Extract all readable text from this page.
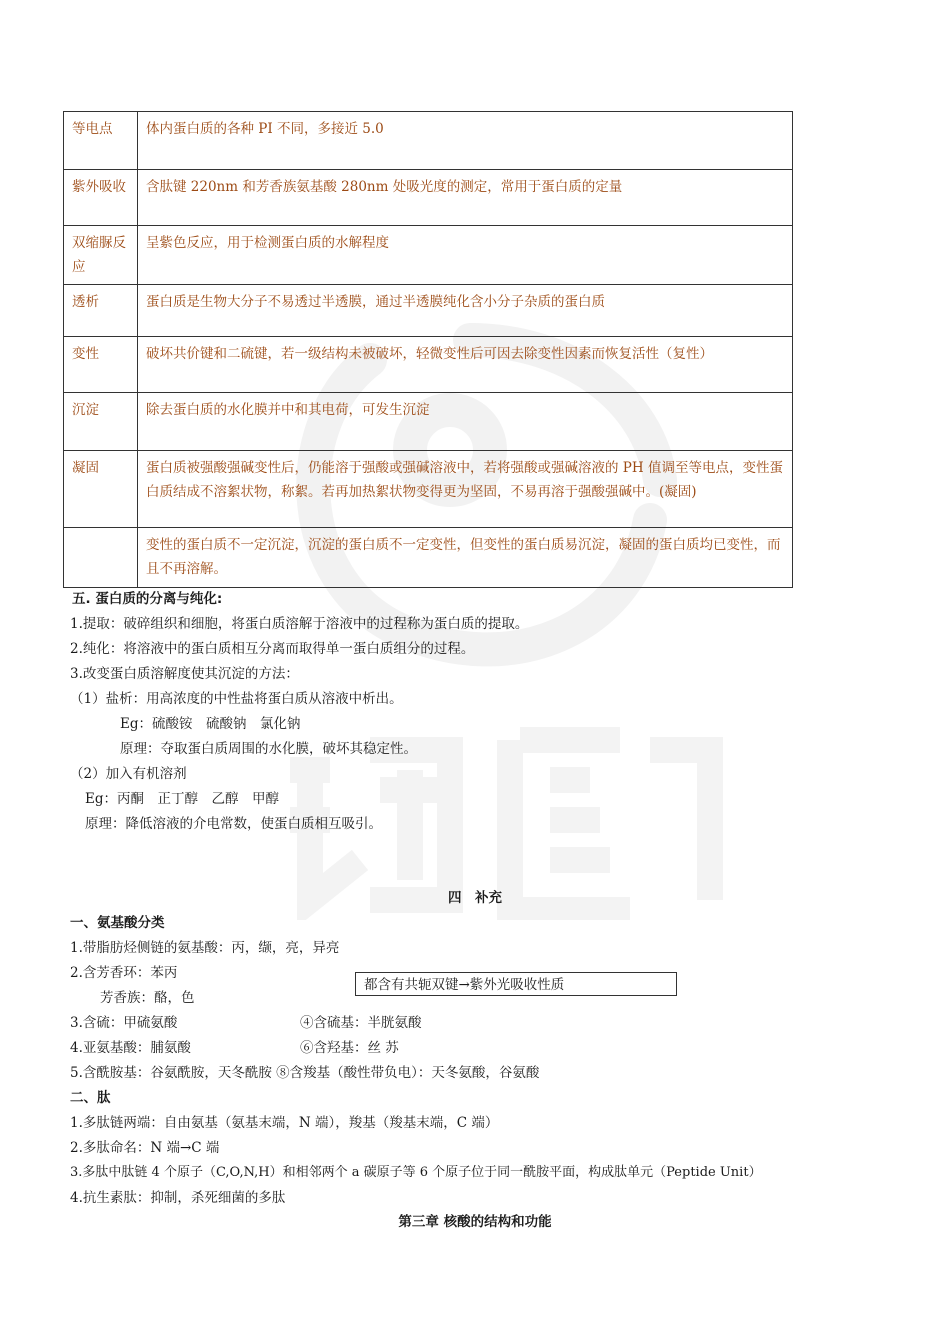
等电点	体内蛋白质的各种 PI 不同，多接近 5.0
紫外吸收	含肽键 220nm 和芳香族氨基酸 280nm 处吸光度的测定，常用于蛋白质的定量
双缩脲反应	呈紫色反应，用于检测蛋白质的水解程度
透析	蛋白质是生物大分子不易透过半透膜，通过半透膜纯化含小分子杂质的蛋白质
变性	破坏共价键和二硫键，若一级结构未被破坏，轻微变性后可因去除变性因素而恢复活性（复性）
沉淀	除去蛋白质的水化膜并中和其电荷，可发生沉淀
凝固	蛋白质被强酸强碱变性后，仍能溶于强酸或强碱溶液中，若将强酸或强碱溶液的 PH 值调至等电点，变性蛋白质结成不溶絮状物，称絮。若再加热絮状物变得更为坚固，不易再溶于强酸强碱中。(凝固)
	变性的蛋白质不一定沉淀，沉淀的蛋白质不一定变性，但变性的蛋白质易沉淀，凝固的蛋白质均已变性，而且不再溶解。
五. 蛋白质的分离与纯化:
1.提取：破碎组织和细胞，将蛋白质溶解于溶液中的过程称为蛋白质的提取。
2.纯化：将溶液中的蛋白质相互分离而取得单一蛋白质组分的过程。
3.改变蛋白质溶解度使其沉淀的方法：
（1）盐析：用高浓度的中性盐将蛋白质从溶液中析出。
Eg：硫酸铵　硫酸钠　氯化钠
原理：夺取蛋白质周围的水化膜，破坏其稳定性。
（2）加入有机溶剂
Eg：丙酮　正丁醇　乙醇　甲醇
原理：降低溶液的介电常数，使蛋白质相互吸引。
四　补充
一、氨基酸分类
1.带脂肪烃侧链的氨基酸：丙，缬，亮，异亮
2.含芳香环：苯丙
芳香族：酪，色
都含有共轭双键→紫外光吸收性质
3.含硫：甲硫氨酸	④含硫基：半胱氨酸
4.亚氨基酸：脯氨酸	⑥含羟基：丝 苏
5.含酰胺基：谷氨酰胺，天冬酰胺 ⑧含羧基（酸性带负电）：天冬氨酸，谷氨酸
二、肽
1.多肽链两端：自由氨基（氨基末端，N 端），羧基（羧基末端，C 端）
2.多肽命名：N 端→C 端
3.多肽中肽链 4 个原子（C,O,N,H）和相邻两个 a 碳原子等 6 个原子位于同一酰胺平面，构成肽单元（Peptide Unit）
4.抗生素肽：抑制，杀死细菌的多肽
第三章 核酸的结构和功能
